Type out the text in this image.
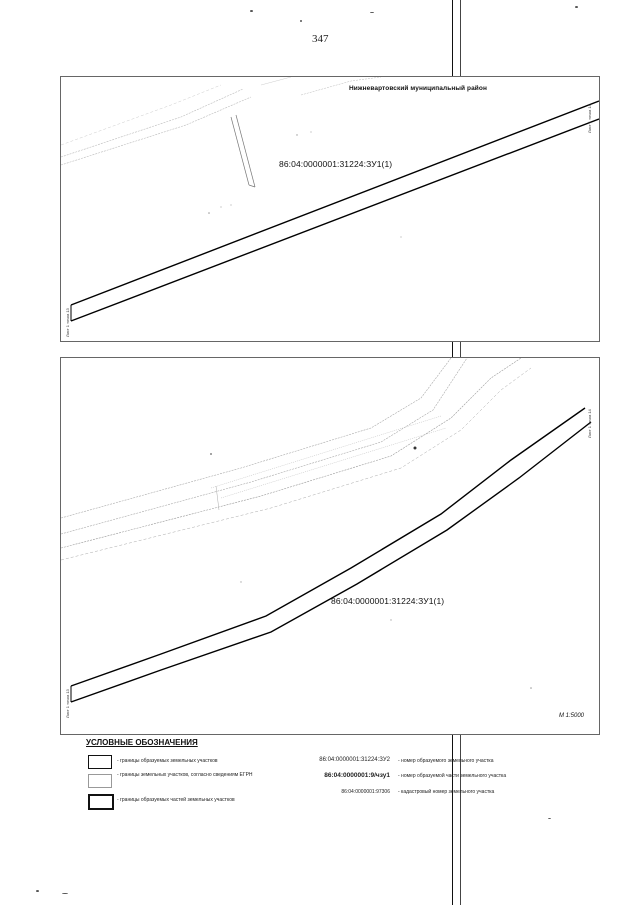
347
Нижневартовский муниципальный район
86:04:0000001:31224:ЗУ1(1)
Лист 1 точка 13
Лист 1 точка 14
86:04:0000001:31224:ЗУ1(1)
Лист 1 точка 13
Лист 1 точка 14
М 1:5000
УСЛОВНЫЕ ОБОЗНАЧЕНИЯ
- границы образуемых земельных участков	86:04:0000001:31224:ЗУ2 - номер образуемого земельного участка
- границы земельных участков, согласно сведениям ЕГРН	86:04:0000001:9/чзу1 - номер образуемой части земельного участка
- границы образуемых частей земельных участков
86:04:0000001:97306 - кадастровый номер земельного участка
